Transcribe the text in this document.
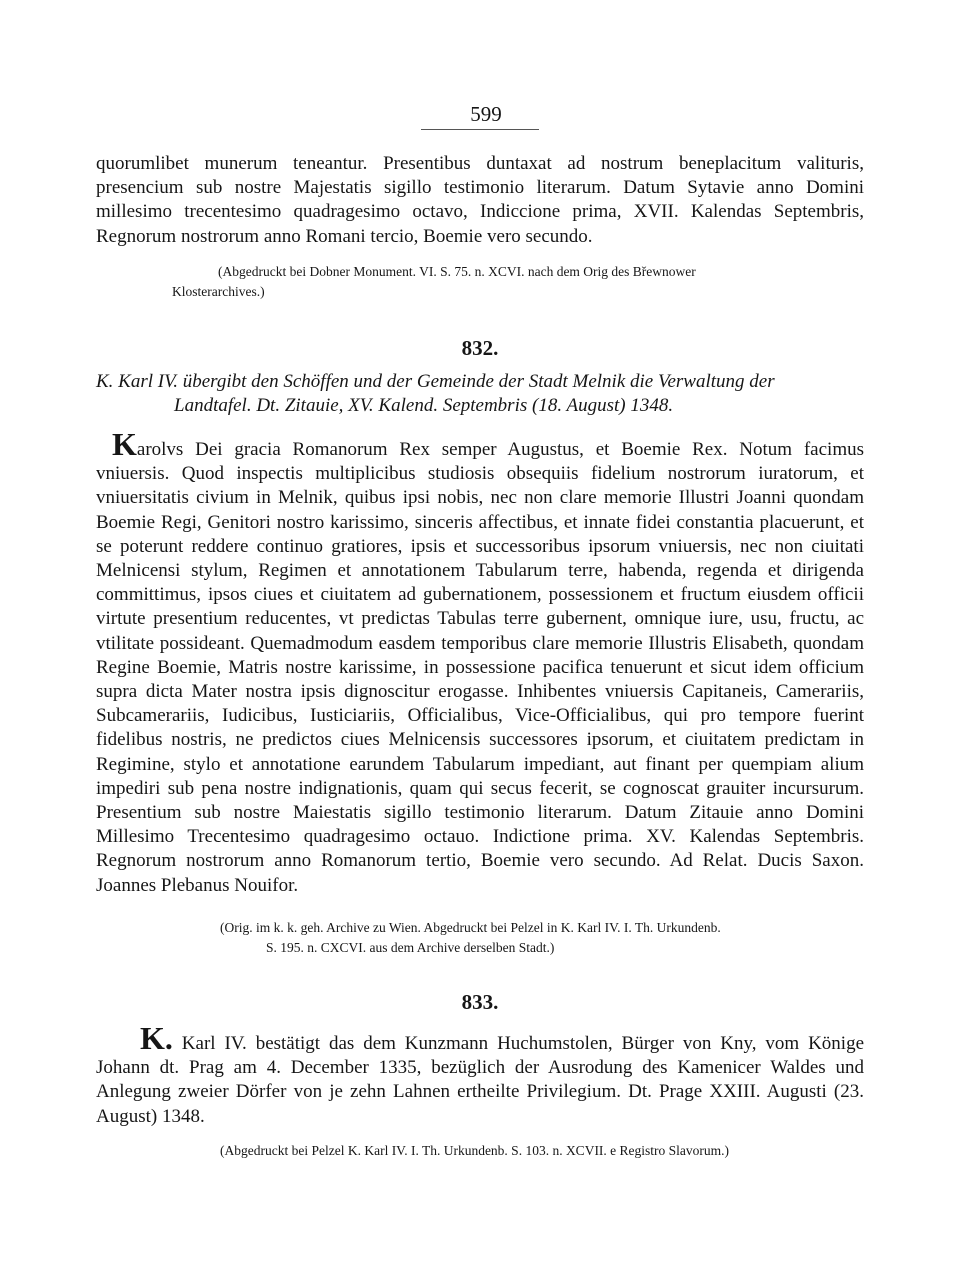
599

quorumlibet munerum teneantur. Presentibus duntaxat ad nostrum beneplacitum valituris, presencium sub nostre Majestatis sigillo testimonio literarum. Datum Sytavie anno Domini millesimo trecentesimo quadragesimo octavo, Indiccione prima, XVII. Kalendas Septembris, Regnorum nostrorum anno Romani tercio, Boemie vero secundo.

(Abgedruckt bei Dobner Monument. VI. S. 75. n. XCVI. nach dem Orig des Břewnower
Klosterarchives.)

832.
K. Karl IV. übergibt den Schöffen und der Gemeinde der Stadt Melnik die Verwaltung der
Landtafel. Dt. Zitauie, XV. Kalend. Septembris (18. August) 1348.

Karolvs Dei gracia Romanorum Rex semper Augustus, et Boemie Rex. Notum facimus vniuersis. Quod inspectis multiplicibus studiosis obsequiis fidelium nostrorum iuratorum, et vniuersitatis civium in Melnik, quibus ipsi nobis, nec non clare memorie Illustri Joanni quondam Boemie Regi, Genitori nostro karissimo, sinceris affectibus, et innate fidei constantia placuerunt, et se poterunt reddere continuo gratiores, ipsis et successoribus ipsorum vniuersis, nec non ciuitati Melnicensi stylum, Regimen et annotationem Tabularum terre, habenda, regenda et dirigenda committimus, ipsos ciues et ciuitatem ad gubernationem, possessionem et fructum eiusdem officii virtute presentium reducentes, vt predictas Tabulas terre gubernent, omnique iure, usu, fructu, ac vtilitate possideant. Quemadmodum easdem temporibus clare memorie Illustris Elisabeth, quondam Regine Boemie, Matris nostre karissime, in possessione pacifica tenuerunt et sicut idem officium supra dicta Mater nostra ipsis dignoscitur erogasse. Inhibentes vniuersis Capitaneis, Camerariis, Subcamerariis, Iudicibus, Iusticiariis, Officialibus, Vice-Officialibus, qui pro tempore fuerint fidelibus nostris, ne predictos ciues Melnicensis successores ipsorum, et ciuitatem predictam in Regimine, stylo et annotatione earundem Tabularum impediant, aut finant per quempiam alium impediri sub pena nostre indignationis, quam qui secus fecerit, se cognoscat grauiter incursurum. Presentium sub nostre Maiestatis sigillo testimonio literarum. Datum Zitauie anno Domini Millesimo Trecentesimo quadragesimo octauo. Indictione prima. XV. Kalendas Septembris. Regnorum nostrorum anno Romanorum tertio, Boemie vero secundo. Ad Relat. Ducis Saxon. Joannes Plebanus Nouifor.

(Orig. im k. k. geh. Archive zu Wien. Abgedruckt bei Pelzel in K. Karl IV. I. Th. Urkundenb.
S. 195. n. CXCVI. aus dem Archive derselben Stadt.)

833.

K. Karl IV. bestätigt das dem Kunzmann Huchumstolen, Bürger von Kny, vom Könige Johann dt. Prag am 4. December 1335, bezüglich der Ausrodung des Kamenicer Waldes und Anlegung zweier Dörfer von je zehn Lahnen ertheilte Privilegium. Dt. Prage XXIII. Augusti (23. August) 1348.

(Abgedruckt bei Pelzel K. Karl IV. I. Th. Urkundenb. S. 103. n. XCVII. e Registro Slavorum.)
